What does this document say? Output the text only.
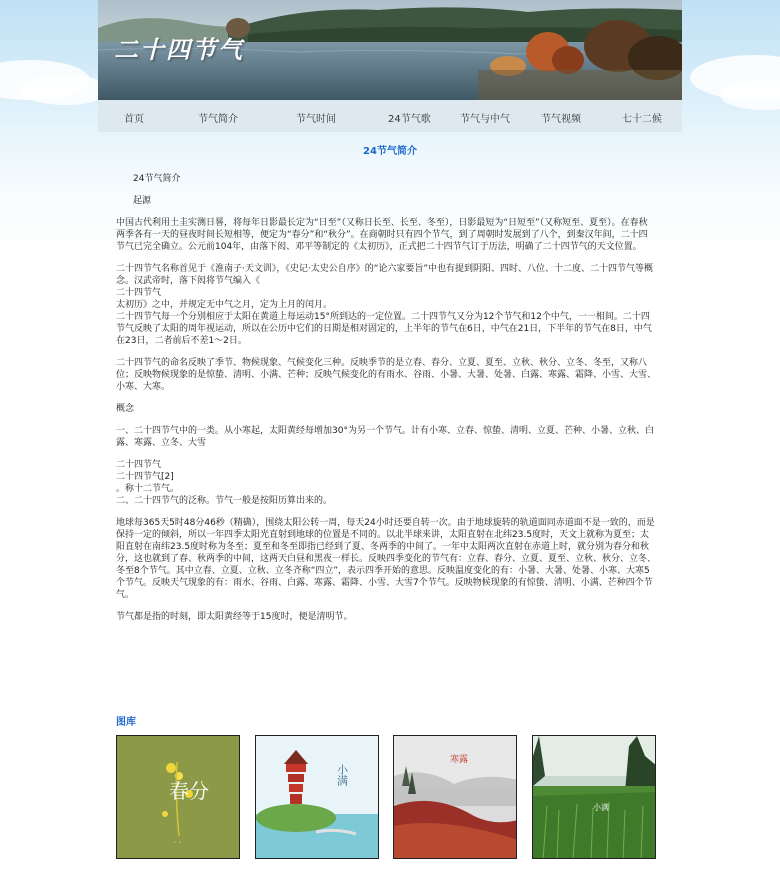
二十四节气
首页	节气简介	节气时间	24节气歌	节气与中气	节气视频	七十二候
24节气简介

24节气简介

起源

中国古代利用土圭实测日晷，将每年日影最长定为“日至”（又称日长至、长至、冬至），日影最短为“日短至”（又称短至、夏至）。在春秋两季各有一天的昼夜时间长短相等，便定为“春分”和“秋分”。在商朝时只有四个节气，到了周朝时发展到了八个，到秦汉年间，二十四节气已完全确立。公元前104年，由落下闳、邓平等制定的《太初历》，正式把二十四节气订于历法，明确了二十四节气的天文位置。

二十四节气名称首见于《淮南子·天文训》，《史记·太史公自序》的“论六家要旨”中也有提到阴阳、四时、八位、十二度、二十四节气等概念。汉武帝时，落下闳将节气编入《

二十四节气

太初历》之中，并规定无中气之月，定为上月的闰月。

二十四节气每一个分别相应于太阳在黄道上每运动15°所到达的一定位置。二十四节气又分为12个节气和12个中气，一一相间。二十四节气反映了太阳的周年视运动，所以在公历中它们的日期是相对固定的，上半年的节气在6日，中气在21日，下半年的节气在8日，中气在23日，二者前后不差1～2日。

二十四节气的命名反映了季节、物候现象、气候变化三种。反映季节的是立春、春分、立夏、夏至、立秋、秋分、立冬、冬至，又称八位；反映物候现象的是惊蛰、清明、小满、芒种；反映气候变化的有雨水、谷雨、小暑、大暑、处暑、白露、寒露、霜降、小雪、大雪、小寒、大寒。

概念

一、二十四节气中的一类。从小寒起，太阳黄经每增加30°为另一个节气。计有小寒、立春、惊蛰、清明、立夏、芒种、小暑、立秋、白露、寒露、立冬、大雪

二十四节气

二十四节气[2]

。称十二节气。

二、二十四节气的泛称。节气一般是按阳历算出来的。

地球每365天5时48分46秒（精确），围绕太阳公转一周，每天24小时还要自转一次。由于地球旋转的轨道面同赤道面不是一致的，而是保持一定的倾斜，所以一年四季太阳光直射到地球的位置是不同的。以北半球来讲，太阳直射在北纬23.5度时，天文上就称为夏至；太阳直射在南纬23.5度时称为冬至；夏至和冬至即指已经到了夏、冬两季的中间了。一年中太阳两次直射在赤道上时，就分别为春分和秋分，这也就到了春、秋两季的中间，这两天白昼和黑夜一样长。反映四季变化的节气有：立春、春分、立夏、夏至、立秋、秋分、立冬、冬至8个节气。其中立春、立夏、立秋、立冬齐称“四立”，表示四季开始的意思。反映温度变化的有：小暑、大暑、处暑、小寒、大寒5个节气。反映天气现象的有：雨水、谷雨、白露、寒露、霜降、小雪、大雪7个节气。反映物候现象的有惊蛰、清明、小满、芒种四个节气。

节气都是指的时刻，即太阳黄经等于15度时，便是清明节。

图库
春分
◦ ◦
小满
寒露
小满
